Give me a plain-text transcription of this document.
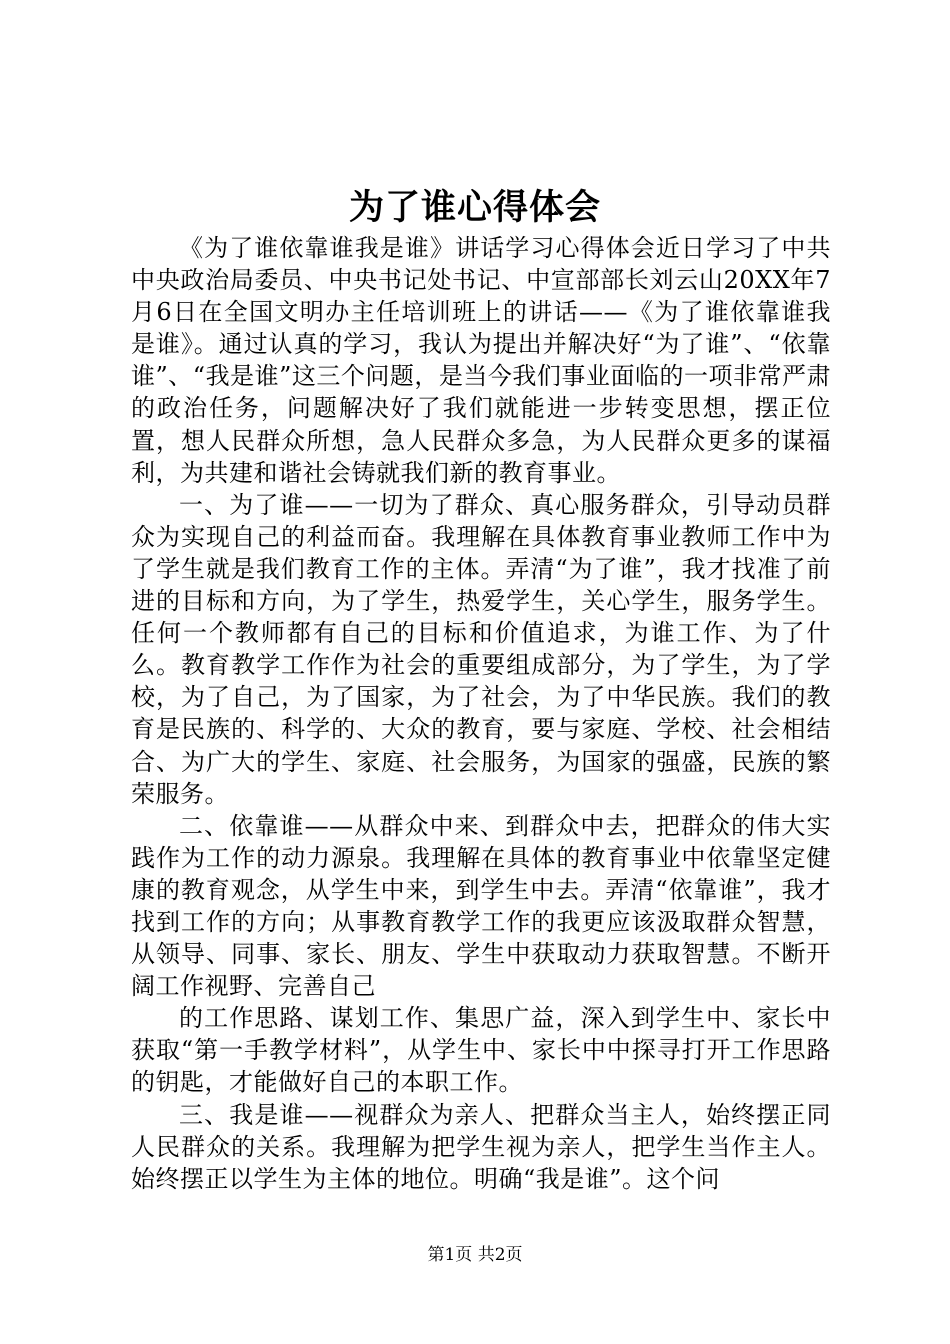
为了谁心得体会

《为了谁依靠谁我是谁》讲话学习心得体会近日学习了中共中央政治局委员、中央书记处书记、中宣部部长刘云山20XX年7月6日在全国文明办主任培训班上的讲话——《为了谁依靠谁我是谁》。通过认真的学习，我认为提出并解决好“为了谁”、“依靠谁”、“我是谁”这三个问题，是当今我们事业面临的一项非常严肃的政治任务，问题解决好了我们就能进一步转变思想，摆正位置，想人民群众所想，急人民群众多急，为人民群众更多的谋福利，为共建和谐社会铸就我们新的教育事业。

一、为了谁——一切为了群众、真心服务群众，引导动员群众为实现自己的利益而奋。我理解在具体教育事业教师工作中为了学生就是我们教育工作的主体。弄清“为了谁”，我才找准了前进的目标和方向，为了学生，热爱学生，关心学生，服务学生。任何一个教师都有自己的目标和价值追求，为谁工作、为了什么。教育教学工作作为社会的重要组成部分，为了学生，为了学校，为了自己，为了国家，为了社会，为了中华民族。我们的教育是民族的、科学的、大众的教育，要与家庭、学校、社会相结合、为广大的学生、家庭、社会服务，为国家的强盛，民族的繁荣服务。

二、依靠谁——从群众中来、到群众中去，把群众的伟大实践作为工作的动力源泉。我理解在具体的教育事业中依靠坚定健康的教育观念，从学生中来，到学生中去。弄清“依靠谁”，我才找到工作的方向；从事教育教学工作的我更应该汲取群众智慧，从领导、同事、家长、朋友、学生中获取动力获取智慧。不断开阔工作视野、完善自己

的工作思路、谋划工作、集思广益，深入到学生中、家长中获取“第一手教学材料”，从学生中、家长中中探寻打开工作思路的钥匙，才能做好自己的本职工作。

三、我是谁——视群众为亲人、把群众当主人，始终摆正同人民群众的关系。我理解为把学生视为亲人，把学生当作主人。始终摆正以学生为主体的地位。明确“我是谁”。这个问

第1页 共2页
